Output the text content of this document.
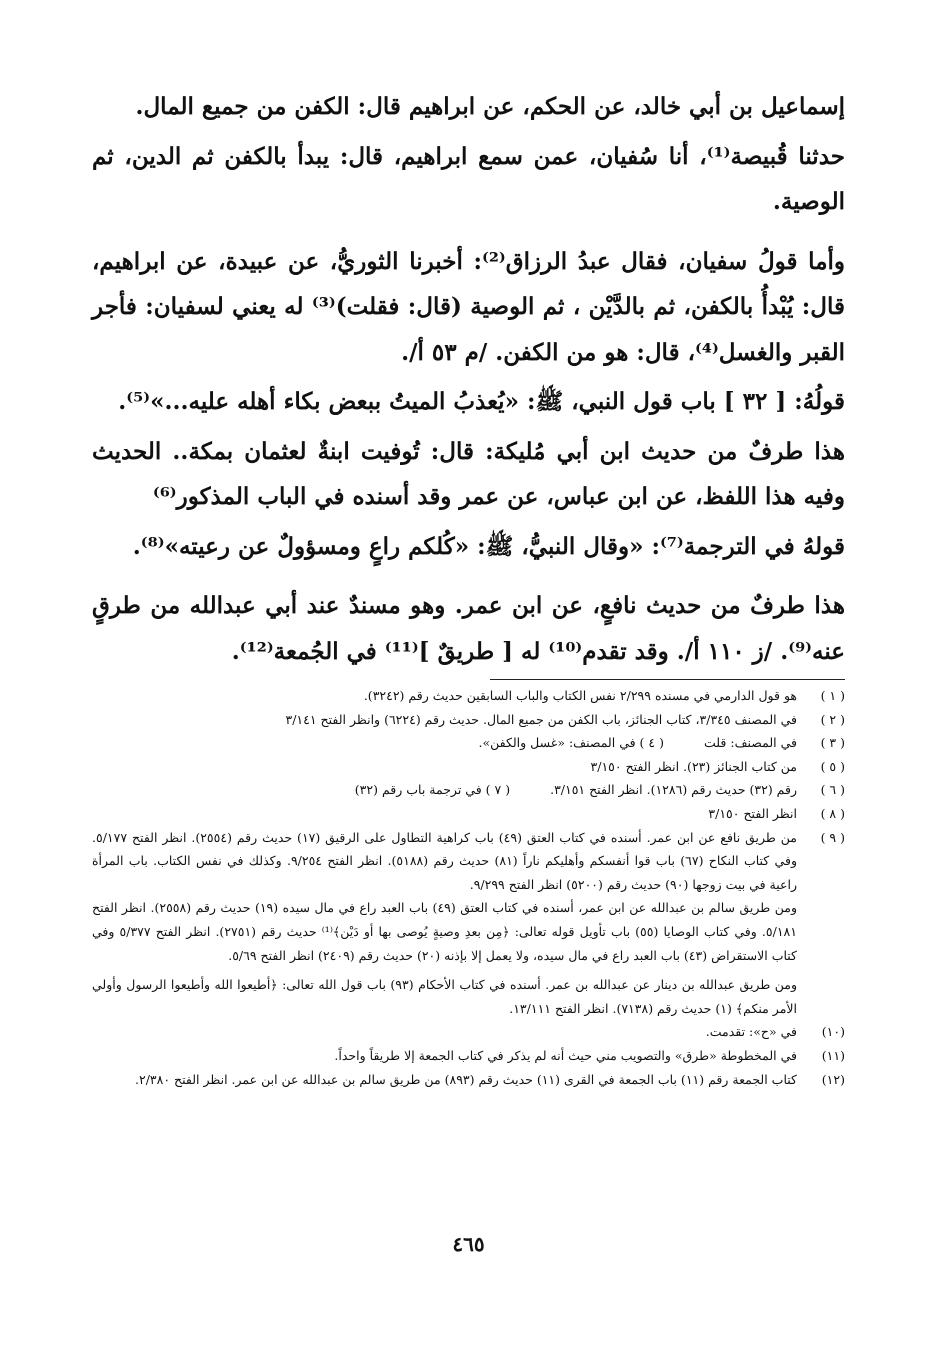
إسماعيل بن أبي خالد، عن الحكم، عن ابراهيم قال: الكفن من جميع المال.

حدثنا قُبيصة⁽¹⁾، أنا سُفيان، عمن سمع ابراهيم، قال: يبدأ بالكفن ثم الدين، ثم الوصية.

وأما قولُ سفيان، فقال عبدُ الرزاق⁽²⁾: أخبرنا الثوريُّ، عن عبيدة، عن ابراهيم، قال: يُبْدأُ بالكفن، ثم بالدَّيْن ، ثم الوصية (قال: فقلت)⁽³⁾ له يعني لسفيان: فأجر القبر والغسل⁽⁴⁾، قال: هو من الكفن. /م ٥٣ أ/.

قولُهُ: [ ٣٢ ] باب قول النبي، ﷺ: «يُعذبُ الميتُ ببعض بكاء أهله عليه...»⁽⁵⁾.

هذا طرفٌ من حديث ابن أبي مُليكة: قال: تُوفيت ابنةٌ لعثمان بمكة.. الحديث وفيه هذا اللفظ، عن ابن عباس، عن عمر وقد أسنده في الباب المذكور⁽⁶⁾

قولهُ في الترجمة⁽⁷⁾: «وقال النبيُّ، ﷺ: «كُلكم راعٍ ومسؤولٌ عن رعيته»⁽⁸⁾.

هذا طرفٌ من حديث نافعٍ، عن ابن عمر. وهو مسندٌ عند أبي عبدالله من طرقٍ عنه⁽⁹⁾. /ز ١١٠ أ/. وقد تقدم⁽¹⁰⁾ له [ طريقٌ ]⁽¹¹⁾ في الجُمعة⁽¹²⁾.

( ١ )
هو قول الدارمي في مسنده ٢/٢٩٩ نفس الكتاب والباب السابقين حديث رقم (٣٢٤٢).
( ٢ )
في المصنف ٣/٣٤٥، كتاب الجنائز، باب الكفن من جميع المال. حديث رقم (٦٢٢٤) وانظر الفتح ٣/١٤١
( ٣ )
في المصنف: قلت
( ٤ ) في المصنف: «غسل والكفن».
( ٥ )
من كتاب الجنائز (٢٣). انظر الفتح ٣/١٥٠
( ٦ )
رقم (٣٢) حديث رقم (١٢٨٦). انظر الفتح ٣/١٥١.
( ٧ ) في ترجمة باب رقم (٣٢)
( ٨ )
انظر الفتح ٣/١٥٠
( ٩ )
من طريق نافع عن ابن عمر. أسنده في كتاب العتق (٤٩) باب كراهية التطاول على الرقيق (١٧) حديث رقم (٢٥٥٤). انظر الفتح ٥/١٧٧. وفي كتاب النكاح (٦٧) باب قوا أنفسكم وأهليكم ناراً (٨١) حديث رقم (٥١٨٨). انظر الفتح ٩/٢٥٤. وكذلك في نفس الكتاب. باب المرأة راعية في بيت زوجها (٩٠) حديث رقم (٥٢٠٠) انظر الفتح ٩/٢٩٩.
ومن طريق سالم بن عبدالله عن ابن عمر، أسنده في كتاب العتق (٤٩) باب العبد راع في مال سيده (١٩) حديث رقم (٢٥٥٨). انظر الفتح ٥/١٨١. وفي كتاب الوصايا (٥٥) باب تأويل قوله تعالى: ﴿مِن بعدِ وصيةٍ يُوصى بها أو دَيْن﴾⁽¹⁾ حديث رقم (٢٧٥١). انظر الفتح ٥/٣٧٧ وفي كتاب الاستقراض (٤٣) باب العبد راع في مال سيده، ولا يعمل إلا بإذنه (٢٠) حديث رقم (٢٤٠٩) انظر الفتح ٥/٦٩.
ومن طريق عبدالله بن دينار عن عبدالله بن عمر. أسنده في كتاب الأحكام (٩٣) باب قول الله تعالى: ﴿أطيعوا الله وأطيعوا الرسول وأولي الأمر منكم﴾ (١) حديث رقم (٧١٣٨). انظر الفتح ١٣/١١١.
(١٠)
في «ح»: تقدمت.
(١١)
في المخطوطة «طرق» والتصويب مني حيث أنه لم يذكر في كتاب الجمعة إلا طريقاً واحداً.
(١٢)
كتاب الجمعة رقم (١١) باب الجمعة في القرى (١١) حديث رقم (٨٩٣) من طريق سالم بن عبدالله عن ابن عمر. انظر الفتح ٢/٣٨٠.
٤٦٥
